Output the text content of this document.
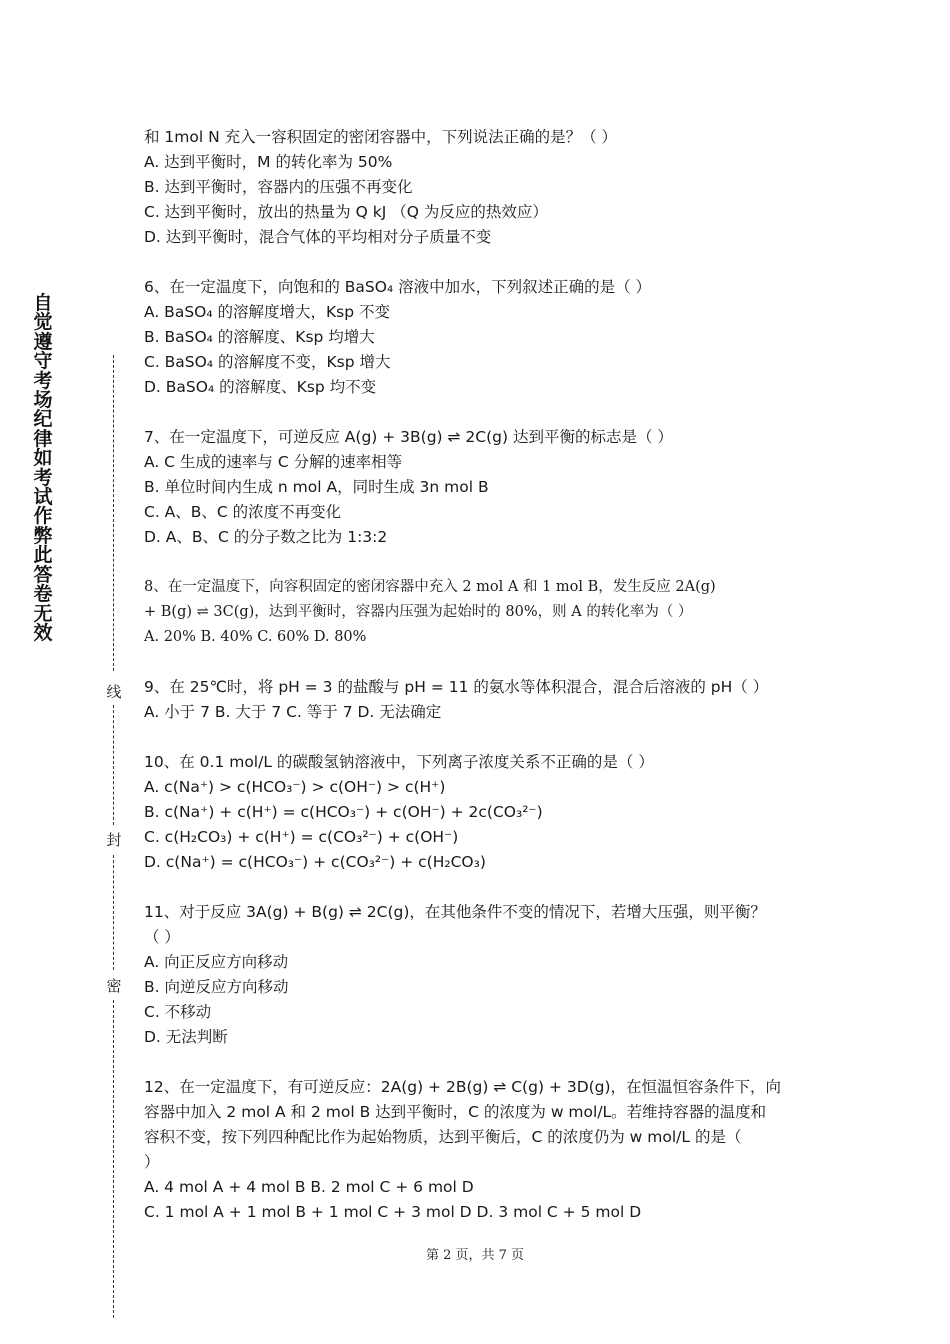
自
觉
遵
守
考
场
纪
律
如
考
试
作
弊
此
答
卷
无
效
线
封
密
和 1mol N 充入一容积固定的密闭容器中，下列说法正确的是？（ ）
A. 达到平衡时，M 的转化率为 50%
B. 达到平衡时，容器内的压强不再变化
C. 达到平衡时，放出的热量为 Q kJ （Q 为反应的热效应）
D. 达到平衡时，混合气体的平均相对分子质量不变
6、在一定温度下，向饱和的 BaSO₄ 溶液中加水，下列叙述正确的是（ ）
A. BaSO₄ 的溶解度增大，Ksp 不变
B. BaSO₄ 的溶解度、Ksp 均增大
C. BaSO₄ 的溶解度不变，Ksp 增大
D. BaSO₄ 的溶解度、Ksp 均不变
7、在一定温度下，可逆反应 A(g) + 3B(g) ⇌ 2C(g) 达到平衡的标志是（ ）
A. C 生成的速率与 C 分解的速率相等
B. 单位时间内生成 n mol A，同时生成 3n mol B
C. A、B、C 的浓度不再变化
D. A、B、C 的分子数之比为 1:3:2
8、在一定温度下，向容积固定的密闭容器中充入 2 mol A 和 1 mol B，发生反应 2A(g)
+ B(g) ⇌ 3C(g)，达到平衡时，容器内压强为起始时的 80%，则 A 的转化率为（ ）
A. 20% B. 40% C. 60% D. 80%
9、在 25℃时，将 pH = 3 的盐酸与 pH = 11 的氨水等体积混合，混合后溶液的 pH（ ）
A. 小于 7 B. 大于 7 C. 等于 7 D. 无法确定
10、在 0.1 mol/L 的碳酸氢钠溶液中，下列离子浓度关系不正确的是（ ）
A. c(Na⁺) > c(HCO₃⁻) > c(OH⁻) > c(H⁺)
B. c(Na⁺) + c(H⁺) = c(HCO₃⁻) + c(OH⁻) + 2c(CO₃²⁻)
C. c(H₂CO₃) + c(H⁺) = c(CO₃²⁻) + c(OH⁻)
D. c(Na⁺) = c(HCO₃⁻) + c(CO₃²⁻) + c(H₂CO₃)
11、对于反应 3A(g) + B(g) ⇌ 2C(g)，在其他条件不变的情况下，若增大压强，则平衡？
（ ）
A. 向正反应方向移动
B. 向逆反应方向移动
C. 不移动
D. 无法判断
12、在一定温度下，有可逆反应：2A(g) + 2B(g) ⇌ C(g) + 3D(g)，在恒温恒容条件下，向
容器中加入 2 mol A 和 2 mol B 达到平衡时，C 的浓度为 w mol/L。若维持容器的温度和
容积不变，按下列四种配比作为起始物质，达到平衡后，C 的浓度仍为 w mol/L 的是（
）
A. 4 mol A + 4 mol B B. 2 mol C + 6 mol D
C. 1 mol A + 1 mol B + 1 mol C + 3 mol D D. 3 mol C + 5 mol D
第 2 页，共 7 页
